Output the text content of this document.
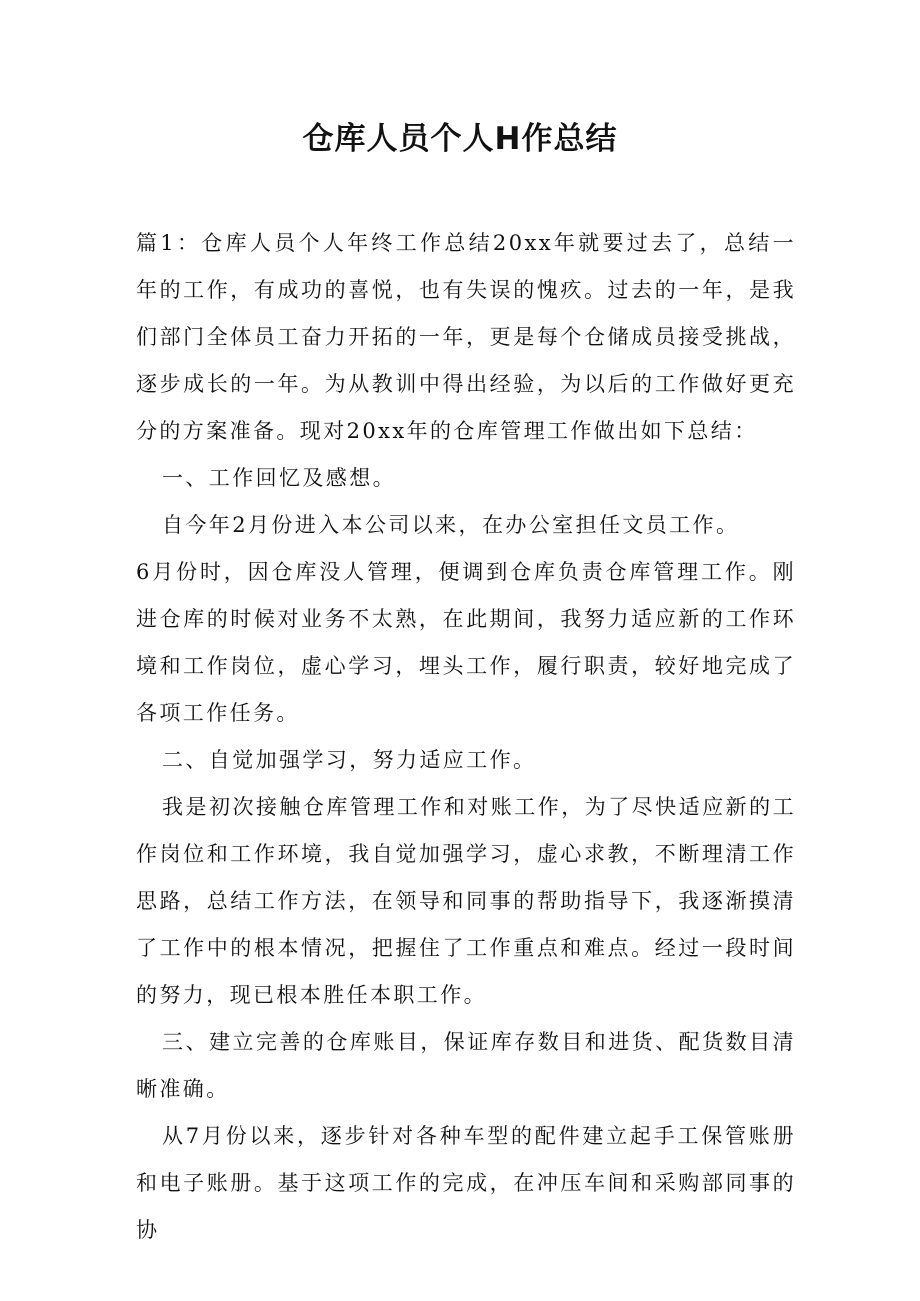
仓库人员个人H作总结

篇1：仓库人员个人年终工作总结20xx年就要过去了，总结一年的工作，有成功的喜悦，也有失误的愧疚。过去的一年，是我们部门全体员工奋力开拓的一年，更是每个仓储成员接受挑战，逐步成长的一年。为从教训中得出经验，为以后的工作做好更充分的方案准备。现对20xx年的仓库管理工作做出如下总结：

一、工作回忆及感想。

自今年2月份进入本公司以来，在办公室担任文员工作。

6月份时，因仓库没人管理，便调到仓库负责仓库管理工作。刚进仓库的时候对业务不太熟，在此期间，我努力适应新的工作环境和工作岗位，虚心学习，埋头工作，履行职责，较好地完成了各项工作任务。

二、自觉加强学习，努力适应工作。

我是初次接触仓库管理工作和对账工作，为了尽快适应新的工作岗位和工作环境，我自觉加强学习，虚心求教，不断理清工作思路，总结工作方法，在领导和同事的帮助指导下，我逐渐摸清了工作中的根本情况，把握住了工作重点和难点。经过一段时间的努力，现已根本胜任本职工作。

三、建立完善的仓库账目，保证库存数目和进货、配货数目清晰准确。

从7月份以来，逐步针对各种车型的配件建立起手工保管账册和电子账册。基于这项工作的完成，在冲压车间和采购部同事的协
